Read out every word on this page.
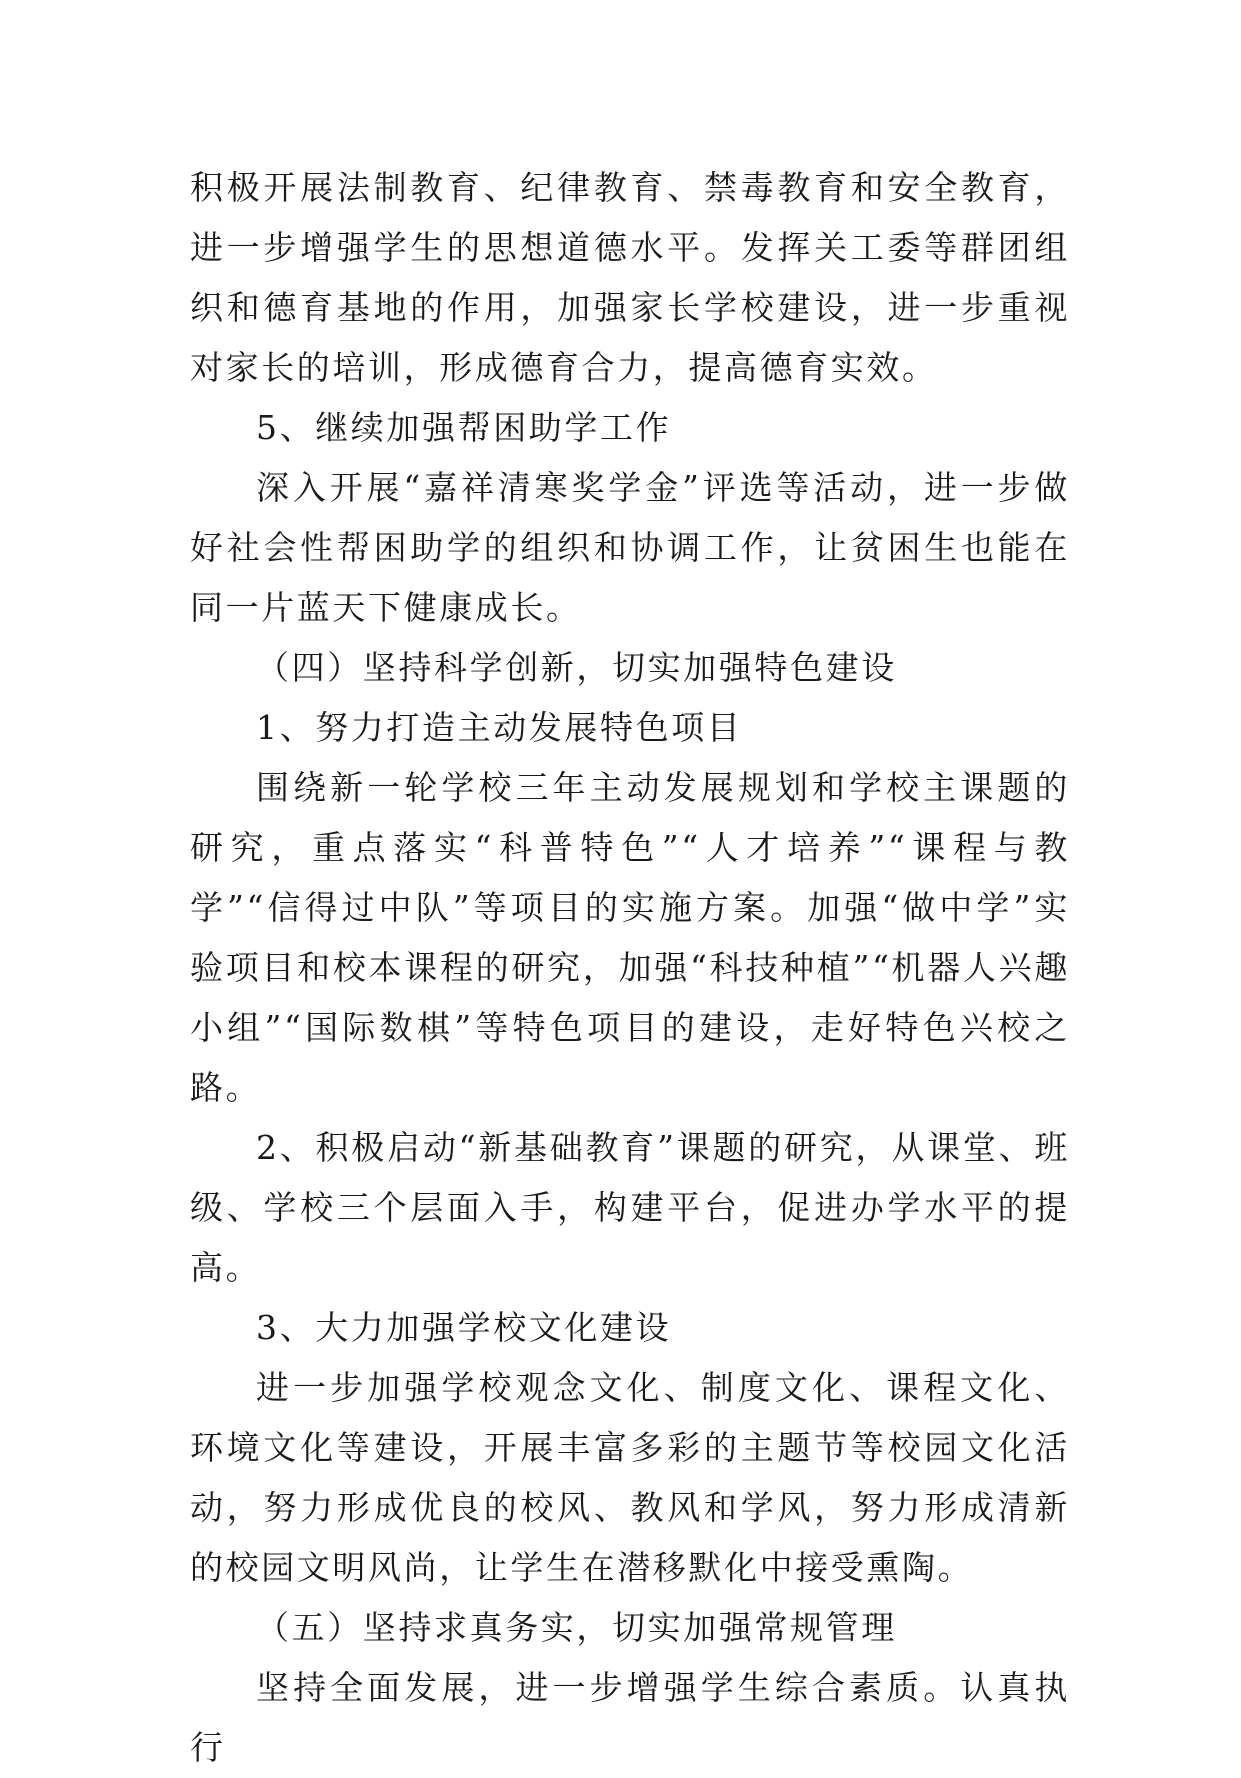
积极开展法制教育、纪律教育、禁毒教育和安全教育，进一步增强学生的思想道德水平。发挥关工委等群团组织和德育基地的作用，加强家长学校建设，进一步重视对家长的培训，形成德育合力，提高德育实效。

5、继续加强帮困助学工作

深入开展“嘉祥清寒奖学金”评选等活动，进一步做好社会性帮困助学的组织和协调工作，让贫困生也能在同一片蓝天下健康成长。

（四）坚持科学创新，切实加强特色建设

1、努力打造主动发展特色项目

围绕新一轮学校三年主动发展规划和学校主课题的研究，重点落实“科普特色”“人才培养”“课程与教学”“信得过中队”等项目的实施方案。加强“做中学”实验项目和校本课程的研究，加强“科技种植”“机器人兴趣小组”“国际数棋”等特色项目的建设，走好特色兴校之路。

2、积极启动“新基础教育”课题的研究，从课堂、班级、学校三个层面入手，构建平台，促进办学水平的提高。

3、大力加强学校文化建设

进一步加强学校观念文化、制度文化、课程文化、环境文化等建设，开展丰富多彩的主题节等校园文化活动，努力形成优良的校风、教风和学风，努力形成清新的校园文明风尚，让学生在潜移默化中接受熏陶。

（五）坚持求真务实，切实加强常规管理

坚持全面发展，进一步增强学生综合素质。认真执行
